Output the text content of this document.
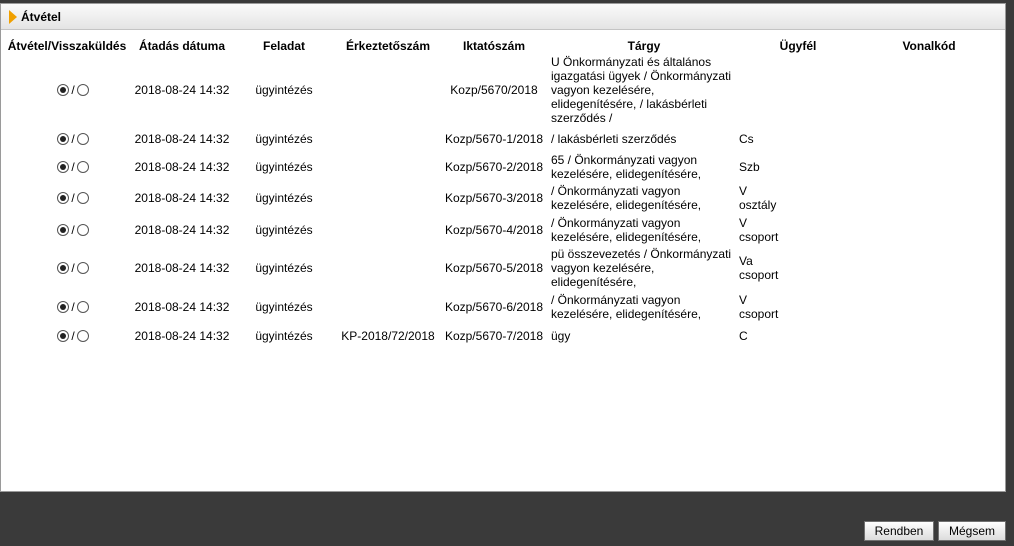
Átvétel
Átvétel/Visszaküldés	Átadás dátuma	Feladat	Érkeztetőszám	Iktatószám	Tárgy	Ügyfél	Vonalkód

/	2018-08-24 14:32	ügyintézés		Kozp/5670/2018	U Önkormányzati és általános igazgatási ügyek / Önkormányzati vagyon kezelésére, elidegenítésére, / lakásbérleti szerződés /		

/	2018-08-24 14:32	ügyintézés		Kozp/5670-1/2018	/ lakásbérleti szerződés	Cs	

/	2018-08-24 14:32	ügyintézés		Kozp/5670-2/2018	65 / Önkormányzati vagyon kezelésére, elidegenítésére,	Szb	

/	2018-08-24 14:32	ügyintézés		Kozp/5670-3/2018	/ Önkormányzati vagyon kezelésére, elidegenítésére,	V
osztály	

/	2018-08-24 14:32	ügyintézés		Kozp/5670-4/2018	/ Önkormányzati vagyon kezelésére, elidegenítésére,	V
csoport	

/	2018-08-24 14:32	ügyintézés		Kozp/5670-5/2018	pü összevezetés / Önkormányzati vagyon kezelésére, elidegenítésére,	Va
csoport	

/	2018-08-24 14:32	ügyintézés		Kozp/5670-6/2018	/ Önkormányzati vagyon kezelésére, elidegenítésére,	V
csoport	

/	2018-08-24 14:32	ügyintézés	KP-2018/72/2018	Kozp/5670-7/2018	ügy	C	
Rendben	Mégsem
